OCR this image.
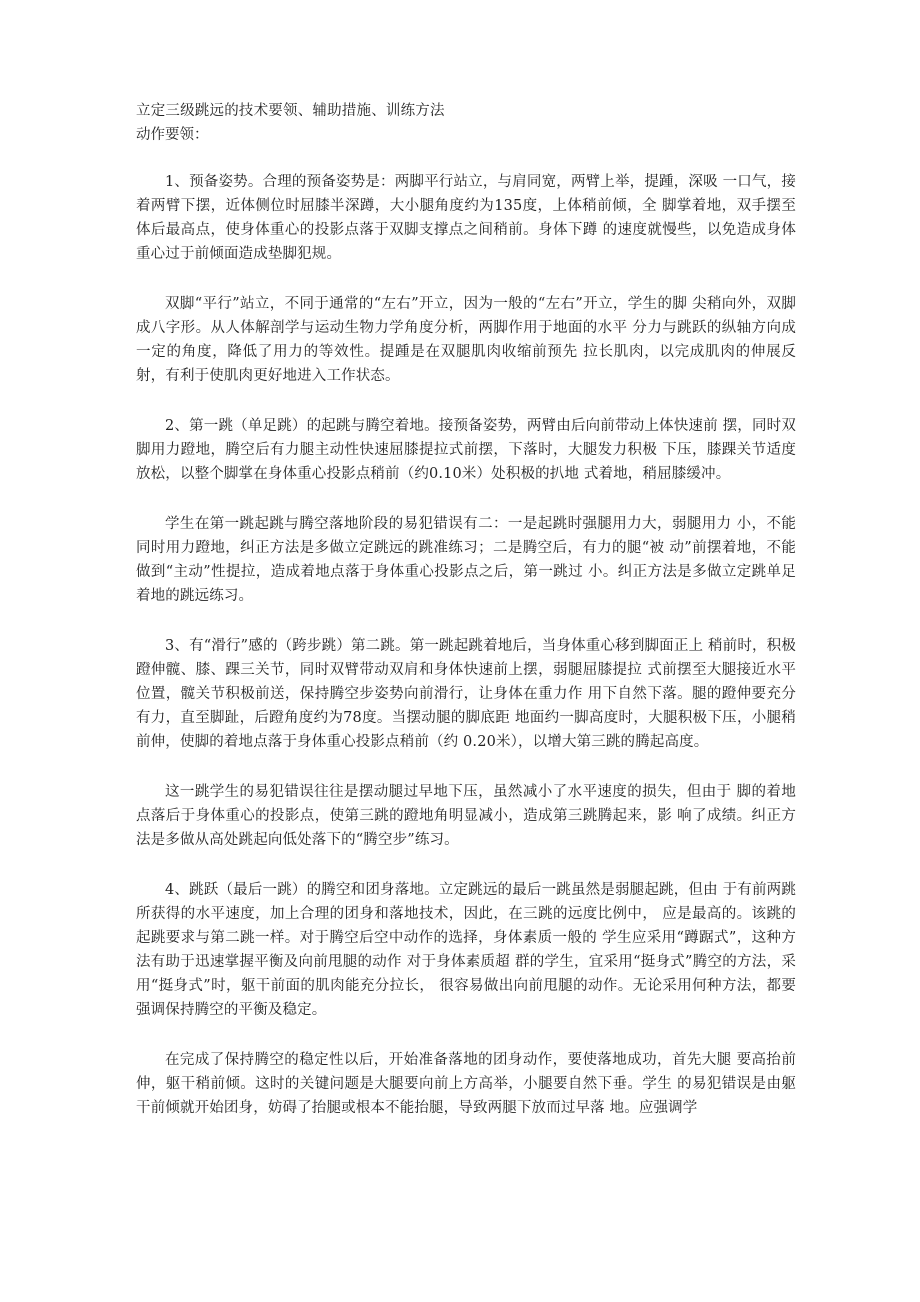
立定三级跳远的技术要领、辅助措施、训练方法
动作要领：

1、预备姿势。合理的预备姿势是：两脚平行站立，与肩同宽，两臂上举，提踵，深吸 一口气，接着两臂下摆，近体侧位时屈膝半深蹲，大小腿角度约为135度，上体稍前倾，全 脚掌着地，双手摆至体后最高点，使身体重心的投影点落于双脚支撑点之间稍前。身体下蹲 的速度就慢些，以免造成身体重心过于前倾面造成垫脚犯规。

双脚“平行”站立，不同于通常的“左右”开立，因为一般的“左右”开立，学生的脚 尖稍向外，双脚成八字形。从人体解剖学与运动生物力学角度分析，两脚作用于地面的水平 分力与跳跃的纵轴方向成一定的角度，降低了用力的等效性。提踵是在双腿肌肉收缩前预先 拉长肌肉，以完成肌肉的伸展反射，有利于使肌肉更好地进入工作状态。

2、第一跳（单足跳）的起跳与腾空着地。接预备姿势，两臂由后向前带动上体快速前 摆，同时双脚用力蹬地，腾空后有力腿主动性快速屈膝提拉式前摆，下落时，大腿发力积极 下压，膝踝关节适度放松，以整个脚掌在身体重心投影点稍前（约0.10米）处积极的扒地 式着地，稍屈膝缓冲。

学生在第一跳起跳与腾空落地阶段的易犯错误有二：一是起跳时强腿用力大，弱腿用力 小，不能同时用力蹬地，纠正方法是多做立定跳远的跳准练习；二是腾空后，有力的腿“被 动”前摆着地，不能做到“主动”性提拉，造成着地点落于身体重心投影点之后，第一跳过 小。纠正方法是多做立定跳单足着地的跳远练习。

3、有“滑行”感的（跨步跳）第二跳。第一跳起跳着地后，当身体重心移到脚面正上 稍前时，积极蹬伸髋、膝、踝三关节，同时双臂带动双肩和身体快速前上摆，弱腿屈膝提拉 式前摆至大腿接近水平位置，髋关节积极前送，保持腾空步姿势向前滑行，让身体在重力作 用下自然下落。腿的蹬伸要充分有力，直至脚趾，后蹬角度约为78度。当摆动腿的脚底距 地面约一脚高度时，大腿积极下压，小腿稍前伸，使脚的着地点落于身体重心投影点稍前（约 0.20米），以增大第三跳的腾起高度。

这一跳学生的易犯错误往往是摆动腿过早地下压，虽然减小了水平速度的损失，但由于 脚的着地点落后于身体重心的投影点，使第三跳的蹬地角明显减小，造成第三跳腾起来，影 响了成绩。纠正方法是多做从高处跳起向低处落下的“腾空步”练习。

4、跳跃（最后一跳）的腾空和团身落地。立定跳远的最后一跳虽然是弱腿起跳，但由 于有前两跳所获得的水平速度，加上合理的团身和落地技术，因此，在三跳的远度比例中， 应是最高的。该跳的起跳要求与第二跳一样。对于腾空后空中动作的选择，身体素质一般的 学生应采用“蹲踞式”，这种方法有助于迅速掌握平衡及向前甩腿的动作 对于身体素质超 群的学生，宜采用“挺身式”腾空的方法，采用“挺身式”时，躯干前面的肌肉能充分拉长， 很容易做出向前甩腿的动作。无论采用何种方法，都要强调保持腾空的平衡及稳定。

在完成了保持腾空的稳定性以后，开始准备落地的团身动作，要使落地成功，首先大腿 要高抬前伸，躯干稍前倾。这时的关键问题是大腿要向前上方高举，小腿要自然下垂。学生 的易犯错误是由躯干前倾就开始团身，妨碍了抬腿或根本不能抬腿，导致两腿下放而过早落 地。应强调学
